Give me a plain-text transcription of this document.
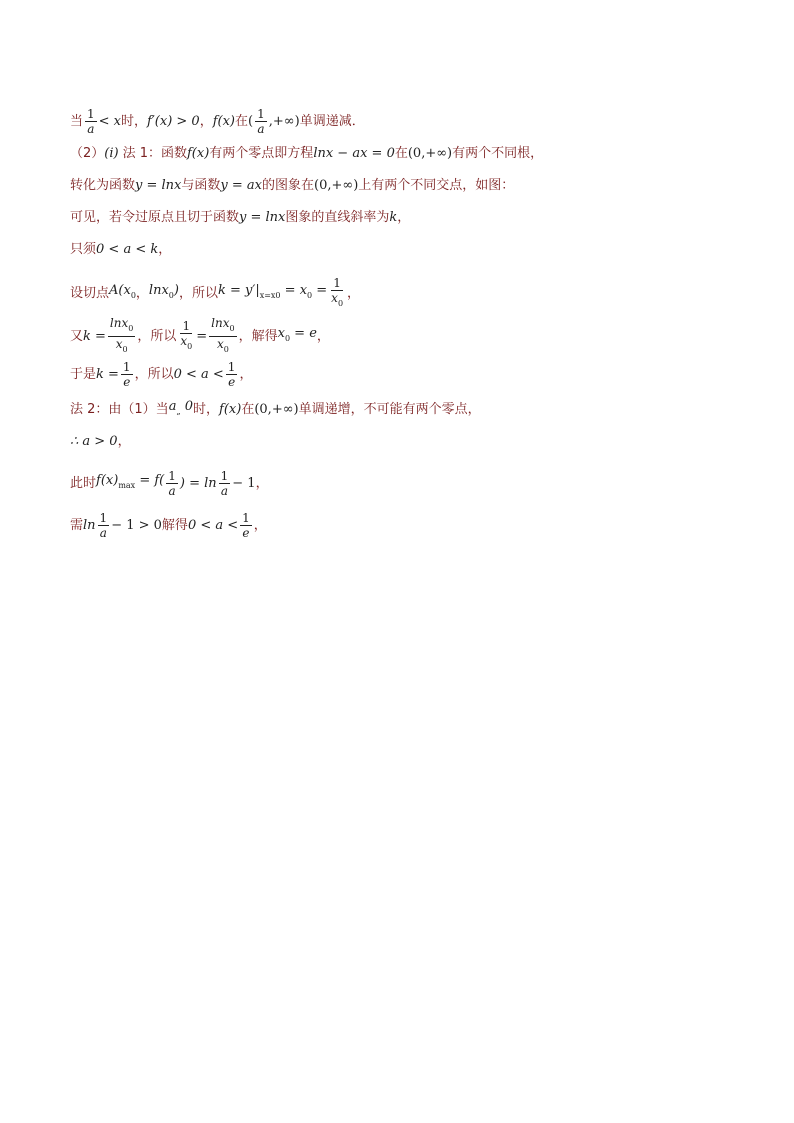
当 $\frac{1}{a} < x$ 时， f′(x) > 0 ， f(x) 在 ( $\frac{1}{a}$ ,+∞) 单调递减．
（2） (i) 法 1：函数 f(x) 有两个零点即方程 lnx − ax = 0 在 (0,+∞) 有两个不同根，
转化为函数 y = lnx 与函数 y = ax 的图象在 (0,+∞) 上有两个不同交点，如图：
可见，若令过原点且切于函数 y = lnx 图象的直线斜率为 k ，
只须 0 < a < k ，
设切点 $A(x_0$ ， lnx$_0$) ，所以 $k = y'|_{x=x0} = x_0 = \frac{1}{x_0}$ ，
又 $k = \frac{\ln x_0}{x_0}$ ，所以 $\frac{1}{x_0} = \frac{\ln x_0}{x_0}$ ，解得 $x_0 = e$ ，
于是 $k = \frac{1}{e}$ ，所以 $0 < a < \frac{1}{e}$ ，
法 2：由（1）当 $a_„$ 0 时， f(x) 在 (0,+∞) 单调递增，不可能有两个零点，
∴ a > 0 ，
此时 $f(x)_{max} = f( \frac{1}{a}$ ) = $\ln \frac{1}{a} - 1$ ，
需 $\ln \frac{1}{a} - 1 > 0$ 解得 $0 < a < \frac{1}{e}$ ，
